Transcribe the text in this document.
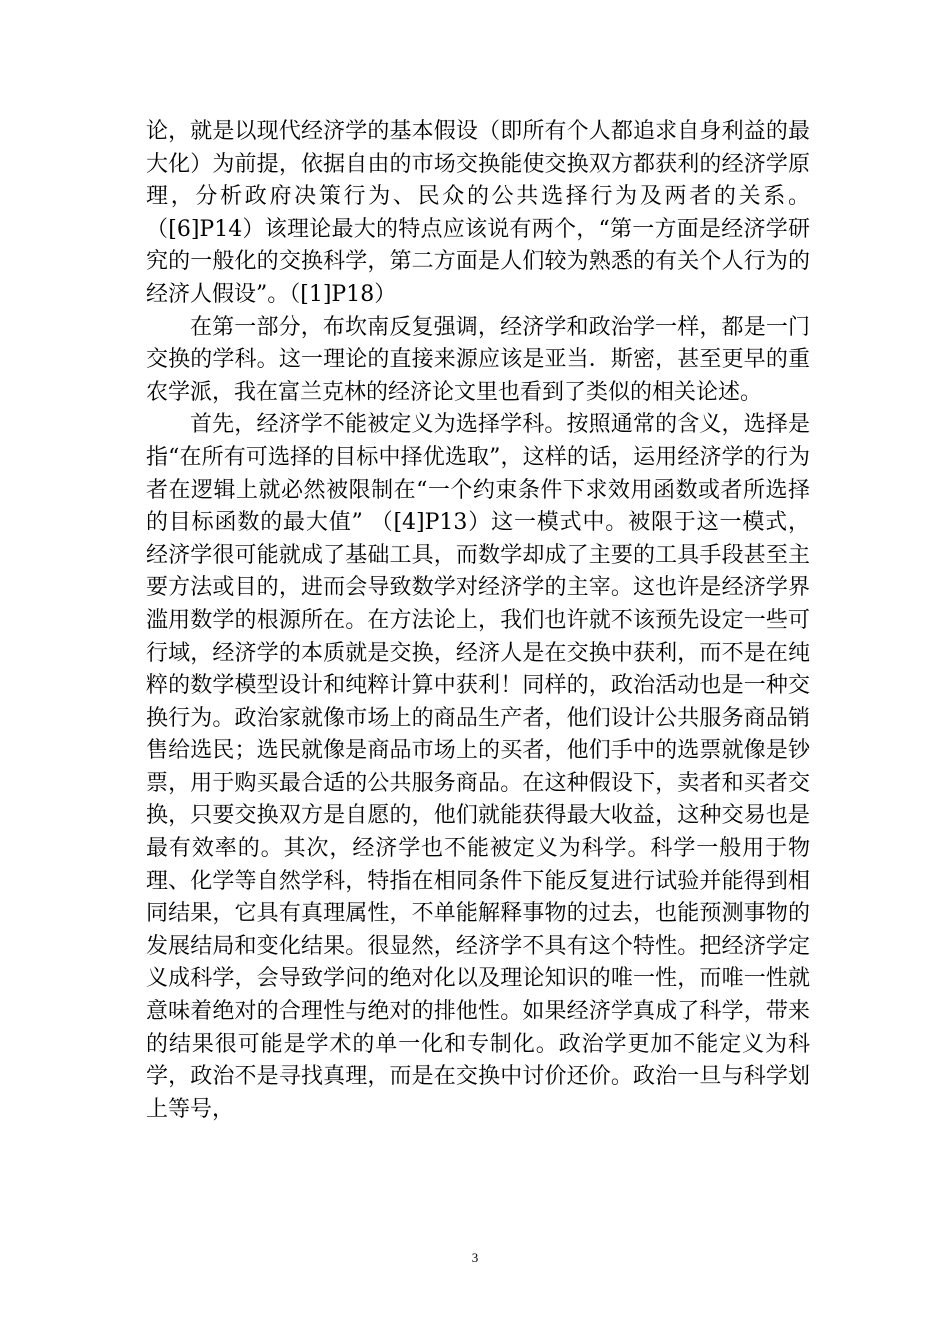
论，就是以现代经济学的基本假设（即所有个人都追求自身利益的最大化）为前提，依据自由的市场交换能使交换双方都获利的经济学原理，分析政府决策行为、民众的公共选择行为及两者的关系。（[6]P14）该理论最大的特点应该说有两个，“第一方面是经济学研究的一般化的交换科学，第二方面是人们较为熟悉的有关个人行为的经济人假设”。（[1]P18）

在第一部分，布坎南反复强调，经济学和政治学一样，都是一门交换的学科。这一理论的直接来源应该是亚当．斯密，甚至更早的重农学派，我在富兰克林的经济论文里也看到了类似的相关论述。

首先，经济学不能被定义为选择学科。按照通常的含义，选择是指“在所有可选择的目标中择优选取”，这样的话，运用经济学的行为者在逻辑上就必然被限制在“一个约束条件下求效用函数或者所选择的目标函数的最大值” （[4]P13）这一模式中。被限于这一模式，经济学很可能就成了基础工具，而数学却成了主要的工具手段甚至主要方法或目的，进而会导致数学对经济学的主宰。这也许是经济学界滥用数学的根源所在。在方法论上，我们也许就不该预先设定一些可行域，经济学的本质就是交换，经济人是在交换中获利，而不是在纯粹的数学模型设计和纯粹计算中获利！同样的，政治活动也是一种交换行为。政治家就像市场上的商品生产者，他们设计公共服务商品销售给选民；选民就像是商品市场上的买者，他们手中的选票就像是钞票，用于购买最合适的公共服务商品。在这种假设下，卖者和买者交换，只要交换双方是自愿的，他们就能获得最大收益，这种交易也是最有效率的。其次，经济学也不能被定义为科学。科学一般用于物理、化学等自然学科，特指在相同条件下能反复进行试验并能得到相同结果，它具有真理属性，不单能解释事物的过去，也能预测事物的发展结局和变化结果。很显然，经济学不具有这个特性。把经济学定义成科学，会导致学问的绝对化以及理论知识的唯一性，而唯一性就意味着绝对的合理性与绝对的排他性。如果经济学真成了科学，带来的结果很可能是学术的单一化和专制化。政治学更加不能定义为科学，政治不是寻找真理，而是在交换中讨价还价。政治一旦与科学划上等号，

3
